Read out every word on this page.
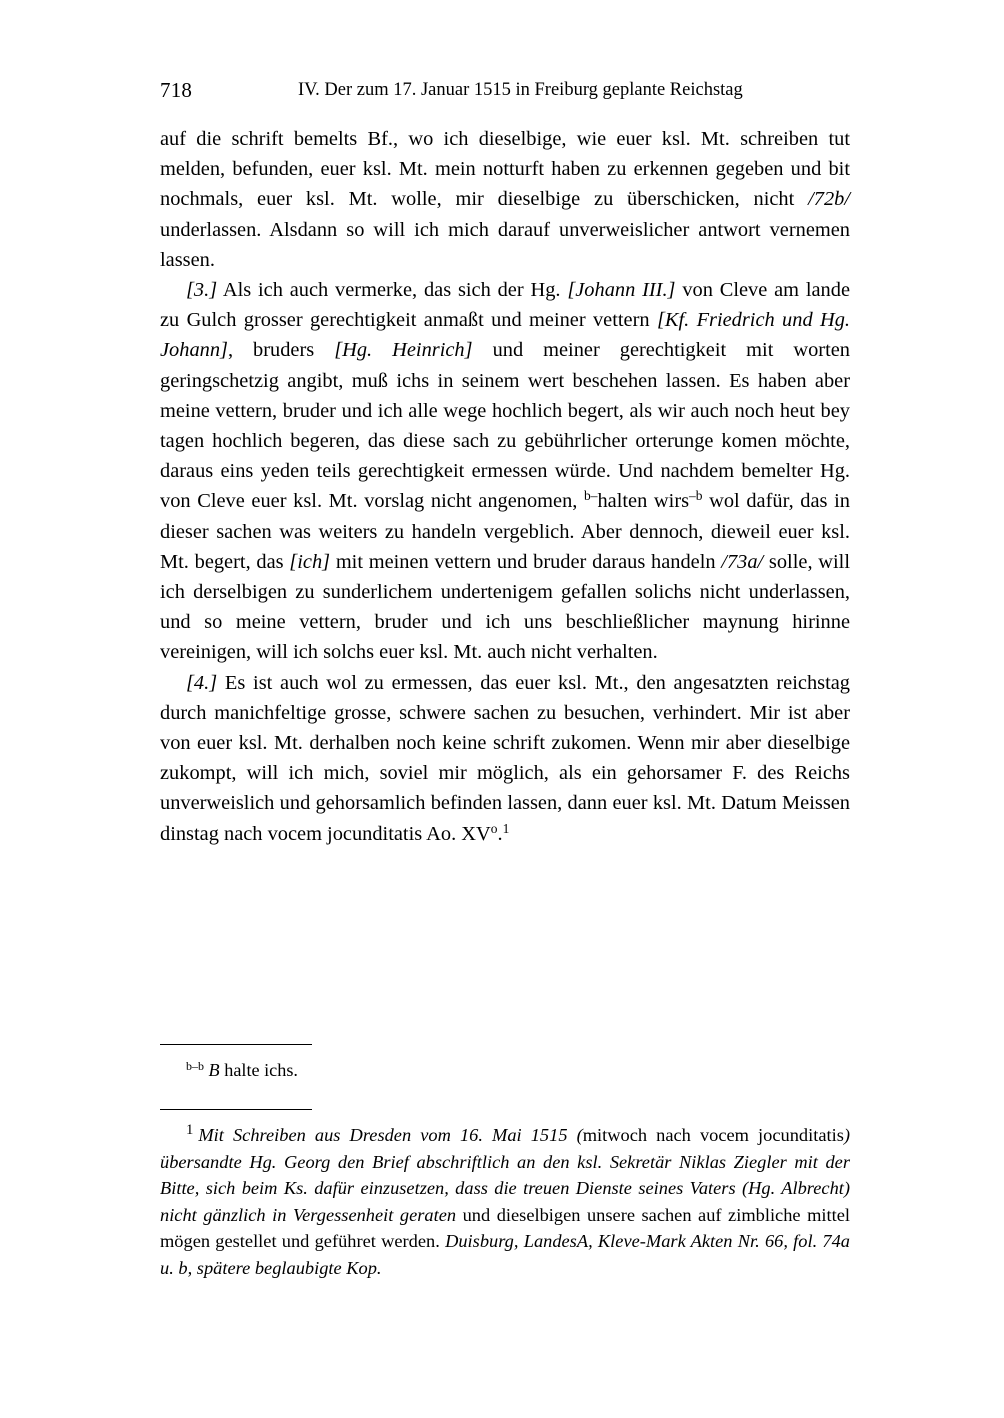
718	IV. Der zum 17. Januar 1515 in Freiburg geplante Reichstag

auf die schrift bemelts Bf., wo ich dieselbige, wie euer ksl. Mt. schreiben tut melden, befunden, euer ksl. Mt. mein notturft haben zu erkennen gegeben und bit nochmals, euer ksl. Mt. wolle, mir dieselbige zu überschicken, nicht /72b/ underlassen. Alsdann so will ich mich darauf unverweislicher antwort vernemen lassen.

[3.] Als ich auch vermerke, das sich der Hg. [Johann III.] von Cleve am lande zu Gulch grosser gerechtigkeit anmaßt und meiner vettern [Kf. Friedrich und Hg. Johann], bruders [Hg. Heinrich] und meiner gerechtigkeit mit worten geringschetzig angibt, muß ichs in seinem wert beschehen lassen. Es haben aber meine vettern, bruder und ich alle wege hochlich begert, als wir auch noch heut bey tagen hochlich begeren, das diese sach zu gebührlicher orterunge komen möchte, daraus eins yeden teils gerechtigkeit ermessen würde. Und nachdem bemelter Hg. von Cleve euer ksl. Mt. vorslag nicht angenomen, $^{b-}$halten wirs$^{-b}$ wol dafür, das in dieser sachen was weiters zu handeln vergeblich. Aber dennoch, dieweil euer ksl. Mt. begert, das [ich] mit meinen vettern und bruder daraus handeln /73a/ solle, will ich derselbigen zu sunderlichem undertenigem gefallen solichs nicht underlassen, und so meine vettern, bruder und ich uns beschließlicher maynung hirinne vereinigen, will ich solchs euer ksl. Mt. auch nicht verhalten.

[4.] Es ist auch wol zu ermessen, das euer ksl. Mt., den angesatzten reichstag durch manichfeltige grosse, schwere sachen zu besuchen, verhindert. Mir ist aber von euer ksl. Mt. derhalben noch keine schrift zukomen. Wenn mir aber dieselbige zukompt, will ich mich, soviel mir möglich, als ein gehorsamer F. des Reichs unverweislich und gehorsamlich befinden lassen, dann euer ksl. Mt. Datum Meissen dinstag nach vocem jocunditatis Ao. $XV^o.^1$

$^{b-b}$ B halte ichs.

$^1$ Mit Schreiben aus Dresden vom 16. Mai 1515 (mitwoch nach vocem jocunditatis) übersandte Hg. Georg den Brief abschriftlich an den ksl. Sekretär Niklas Ziegler mit der Bitte, sich beim Ks. dafür einzusetzen, dass die treuen Dienste seines Vaters (Hg. Albrecht) nicht gänzlich in Vergessenheit geraten und dieselbigen unsere sachen auf zimbliche mittel mögen gestellet und geführet werden. Duisburg, LandesA, Kleve-Mark Akten Nr. 66, fol. 74a u. b, spätere beglaubigte Kop.
